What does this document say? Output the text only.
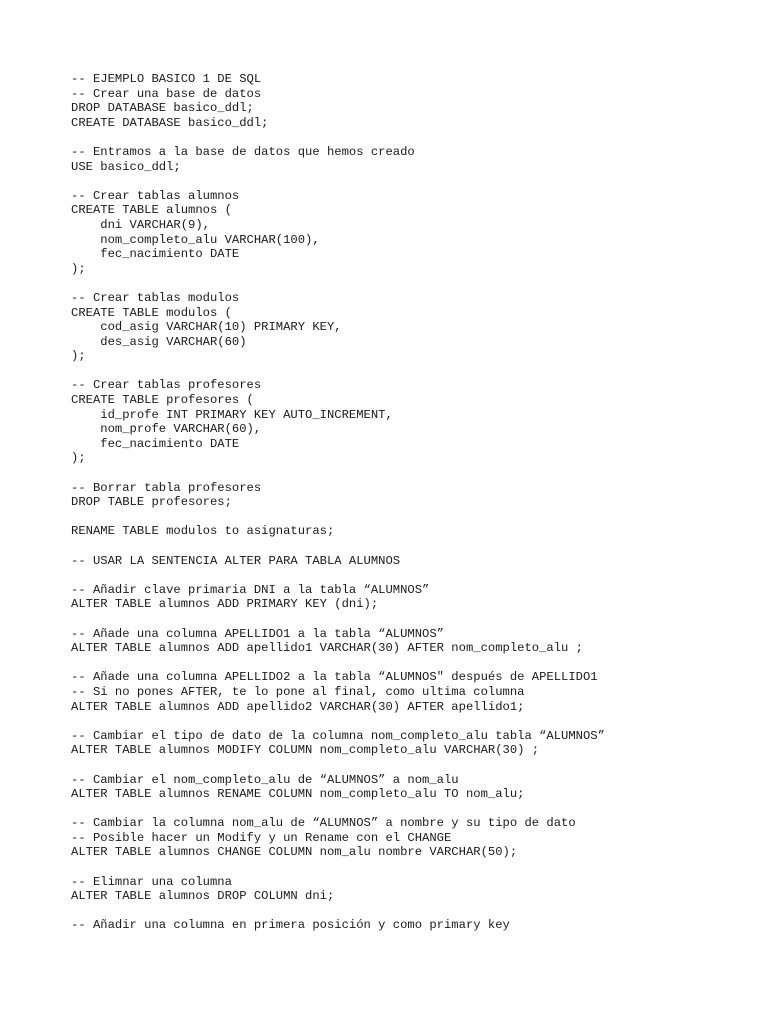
-- EJEMPLO BASICO 1 DE SQL
-- Crear una base de datos
DROP DATABASE basico_ddl;
CREATE DATABASE basico_ddl;
-- Entramos a la base de datos que hemos creado
USE basico_ddl;
-- Crear tablas alumnos
CREATE TABLE alumnos (
dni VARCHAR(9),
nom_completo_alu VARCHAR(100),
fec_nacimiento DATE
);
-- Crear tablas modulos
CREATE TABLE modulos (
cod_asig VARCHAR(10) PRIMARY KEY,
des_asig VARCHAR(60)
);
-- Crear tablas profesores
CREATE TABLE profesores (
id_profe INT PRIMARY KEY AUTO_INCREMENT,
nom_profe VARCHAR(60),
fec_nacimiento DATE
);
-- Borrar tabla profesores
DROP TABLE profesores;
RENAME TABLE modulos to asignaturas;
-- USAR LA SENTENCIA ALTER PARA TABLA ALUMNOS
-- Añadir clave primaria DNI a la tabla “ALUMNOS”
ALTER TABLE alumnos ADD PRIMARY KEY (dni);
-- Añade una columna APELLIDO1 a la tabla “ALUMNOS”
ALTER TABLE alumnos ADD apellido1 VARCHAR(30) AFTER nom_completo_alu ;
-- Añade una columna APELLIDO2 a la tabla “ALUMNOS" después de APELLIDO1
-- Si no pones AFTER, te lo pone al final, como ultima columna
ALTER TABLE alumnos ADD apellido2 VARCHAR(30) AFTER apellido1;
-- Cambiar el tipo de dato de la columna nom_completo_alu tabla “ALUMNOS”
ALTER TABLE alumnos MODIFY COLUMN nom_completo_alu VARCHAR(30) ;
-- Cambiar el nom_completo_alu de “ALUMNOS” a nom_alu
ALTER TABLE alumnos RENAME COLUMN nom_completo_alu TO nom_alu;
-- Cambiar la columna nom_alu de “ALUMNOS” a nombre y su tipo de dato
-- Posible hacer un Modify y un Rename con el CHANGE
ALTER TABLE alumnos CHANGE COLUMN nom_alu nombre VARCHAR(50);
-- Elimnar una columna
ALTER TABLE alumnos DROP COLUMN dni;
-- Añadir una columna en primera posición y como primary key
